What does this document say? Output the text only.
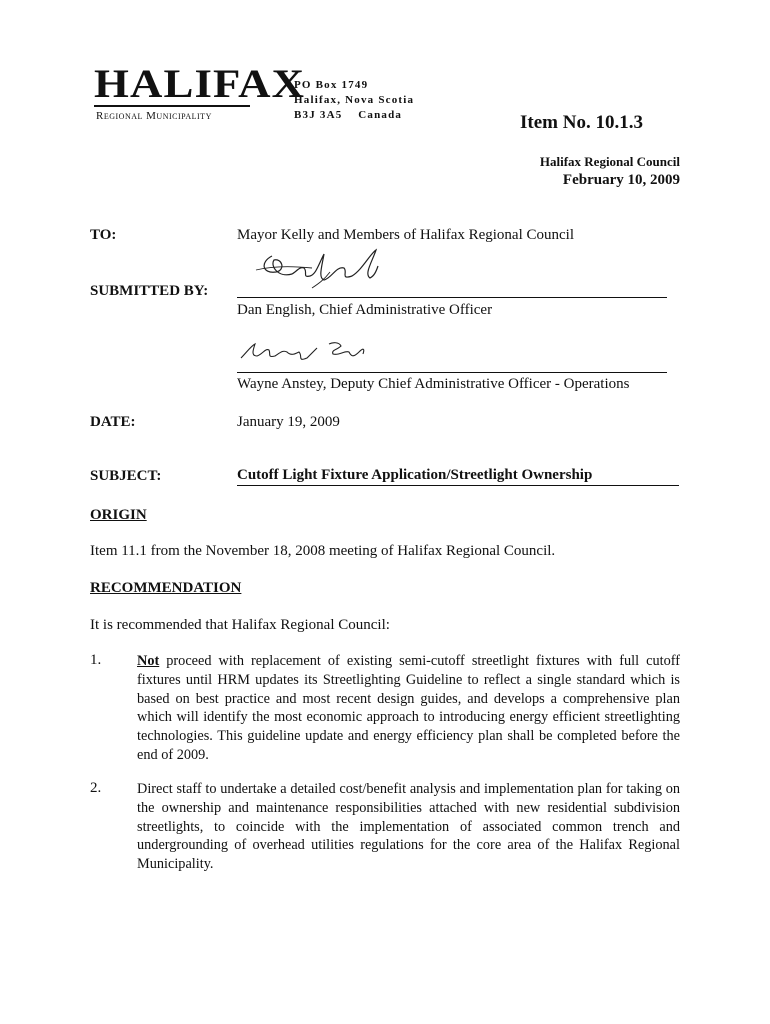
HALIFAX
Regional Municipality
PO Box 1749
Halifax, Nova Scotia
B3J 3A5    Canada	Item No. 10.1.3
Halifax Regional Council
February 10, 2009
TO:	Mayor Kelly and Members of Halifax Regional Council
SUBMITTED BY:
Dan English, Chief Administrative Officer
Wayne Anstey, Deputy Chief Administrative Officer - Operations
DATE:	January 19, 2009
SUBJECT:	Cutoff Light Fixture Application/Streetlight Ownership
ORIGIN
Item 11.1 from the November 18, 2008 meeting of Halifax Regional Council.
RECOMMENDATION
It is recommended that Halifax Regional Council:
1.	Not proceed with replacement of existing semi-cutoff streetlight fixtures with full cutoff fixtures until HRM updates its Streetlighting Guideline to reflect a single standard which is based on best practice and most recent design guides, and develops a comprehensive plan which will identify the most economic approach to introducing energy efficient streetlighting technologies. This guideline update and energy efficiency plan shall be completed before the end of 2009.
2.	Direct staff to undertake a detailed cost/benefit analysis and implementation plan for taking on the ownership and maintenance responsibilities attached with new residential subdivision streetlights, to coincide with the implementation of associated common trench and undergrounding of overhead utilities regulations for the core area of the Halifax Regional Municipality.
